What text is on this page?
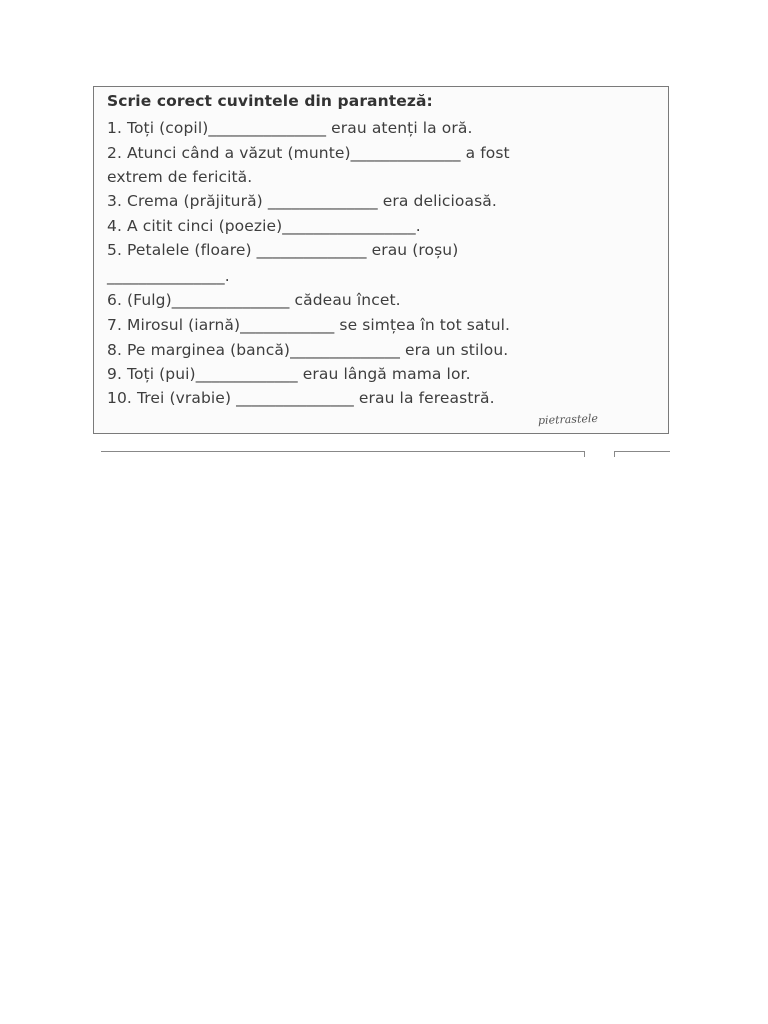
Scrie corect cuvintele din paranteză:
1. Toți (copil)_______________ erau atenți la oră.
2. Atunci când a văzut (munte)______________ a fost
extrem de fericită.
3. Crema (prăjitură) ______________ era delicioasă.
4. A citit cinci (poezie)_________________.
5. Petalele (floare) ______________ erau (roșu)
_______________.
6. (Fulg)_______________ cădeau încet.
7. Mirosul (iarnă)____________ se simțea în tot satul.
8. Pe marginea (bancă)______________ era un stilou.
9. Toți (pui)_____________ erau lângă mama lor.
10. Trei (vrabie) _______________ erau la fereastră.
pietrastele
